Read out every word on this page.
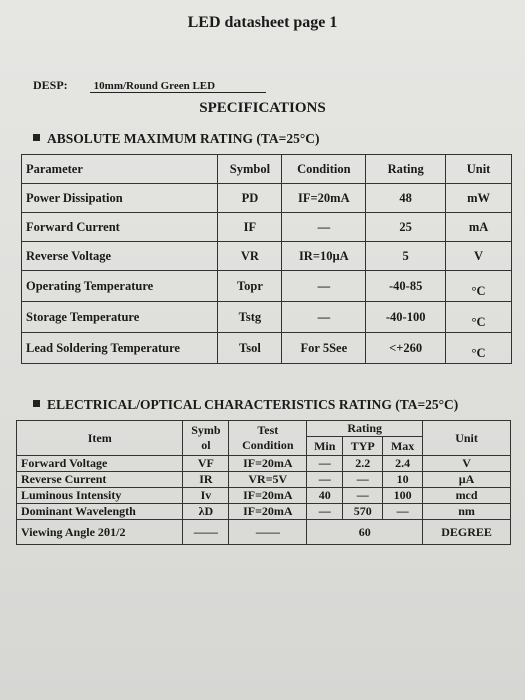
LED datasheet page 1
DESP: 10mm/Round Green LED
SPECIFICATIONS
ABSOLUTE MAXIMUM RATING (TA=25°C)
Parameter	Symbol	Condition	Rating	Unit
Power Dissipation	PD	IF=20mA	48	mW
Forward Current	IF	—	25	mA
Reverse Voltage	VR	IR=10µA	5	V
Operating Temperature	Topr	—	-40-85	°C
Storage Temperature	Tstg	—	-40-100	°C
Lead Soldering Temperature	Tsol	For 5See	<+260	°C
ELECTRICAL/OPTICAL CHARACTERISTICS RATING (TA=25°C)
Item	Symb ol	Test Condition	Rating			Unit
			Min	TYP	Max	
Forward Voltage	VF	IF=20mA	—	2.2	2.4	V
Reverse Current	IR	VR=5V	—	—	10	µA
Luminous Intensity	Iv	IF=20mA	40	—	100	mcd
Dominant Wavelength	λD	IF=20mA	—	570	—	nm
Viewing Angle 2θ1/2	——	——	60			DEGREE
